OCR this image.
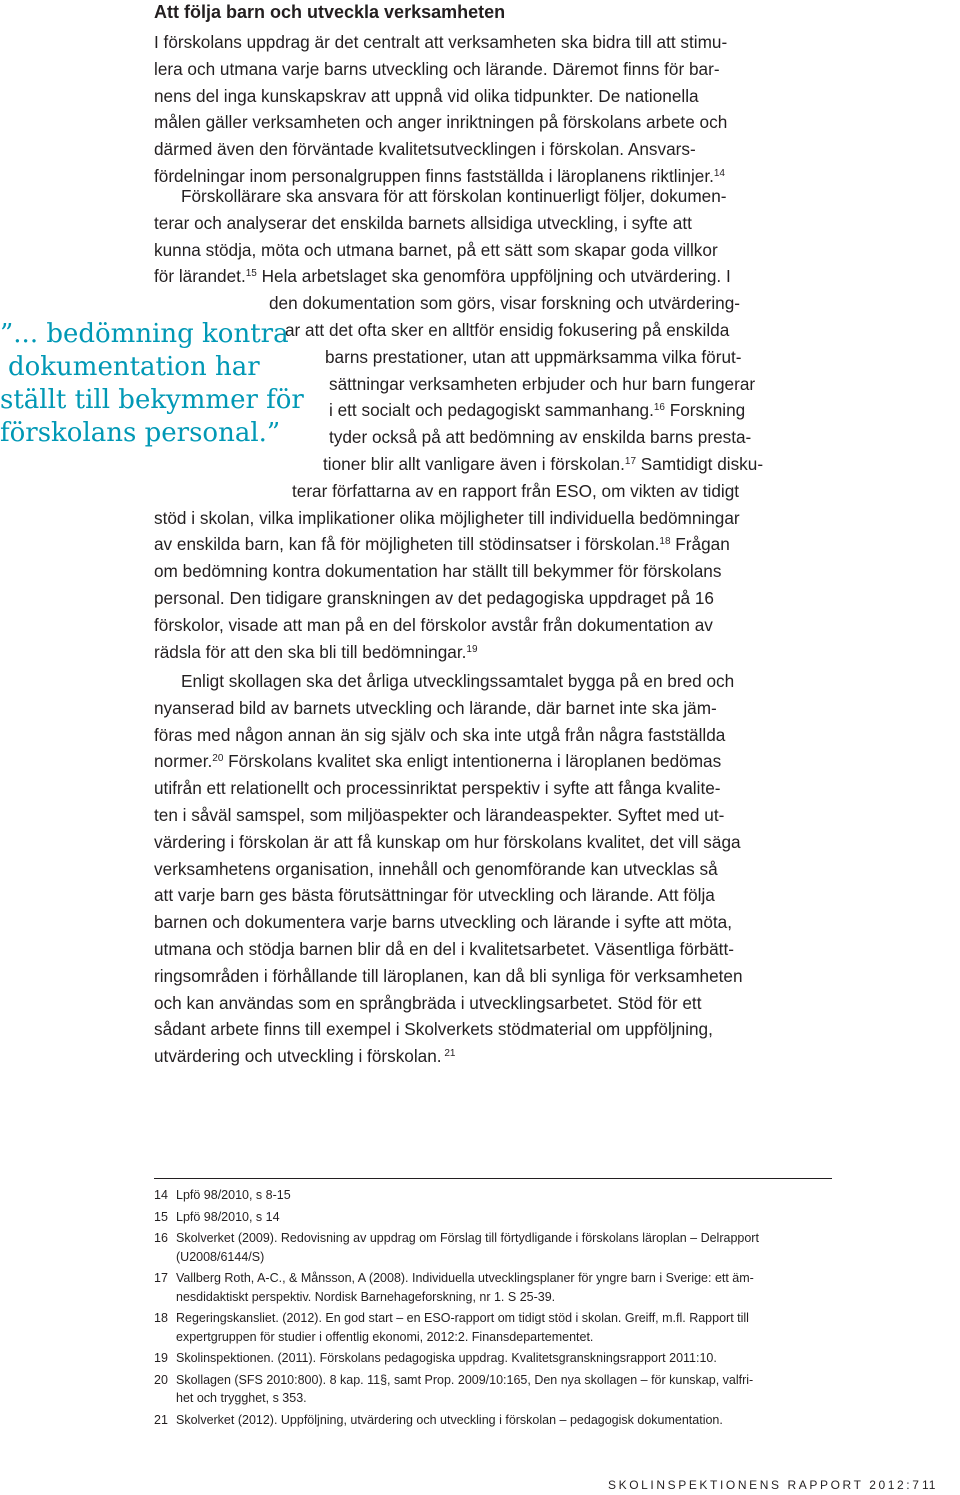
Att följa barn och utveckla verksamheten
I förskolans uppdrag är det centralt att verksamheten ska bidra till att stimu-
lera och utmana varje barns utveckling och lärande. Däremot finns för bar-
nens del inga kunskapskrav att uppnå vid olika tidpunkter. De nationella
målen gäller verksamheten och anger inriktningen på förskolans arbete och
därmed även den förväntade kvalitetsutvecklingen i förskolan. Ansvars-
fördelningar inom personalgruppen finns fastställda i läroplanens riktlinjer.$^{14}$
Förskollärare ska ansvara för att förskolan kontinuerligt följer, dokumen-
terar och analyserar det enskilda barnets allsidiga utveckling, i syfte att
kunna stödja, möta och utmana barnet, på ett sätt som skapar goda villkor
för lärandet.$^{15}$ Hela arbetslaget ska genomföra uppföljning och utvärdering. I
den dokumentation som görs, visar forskning och utvärdering-
ar att det ofta sker en alltför ensidig fokusering på enskilda
barns prestationer, utan att uppmärksamma vilka förut-
sättningar verksamheten erbjuder och hur barn fungerar
i ett socialt och pedagogiskt sammanhang.$^{16}$ Forskning
tyder också på att bedömning av enskilda barns presta-
tioner blir allt vanligare även i förskolan.$^{17}$ Samtidigt disku-
terar författarna av en rapport från ESO, om vikten av tidigt
stöd i skolan, vilka implikationer olika möjligheter till individuella bedömningar
av enskilda barn, kan få för möjligheten till stödinsatser i förskolan.$^{18}$ Frågan
om bedömning kontra dokumentation har ställt till bekymmer för förskolans
personal. Den tidigare granskningen av det pedagogiska uppdraget på 16
förskolor, visade att man på en del förskolor avstår från dokumentation av
rädsla för att den ska bli till bedömningar.$^{19}$
Enligt skollagen ska det årliga utvecklingssamtalet bygga på en bred och
nyanserad bild av barnets utveckling och lärande, där barnet inte ska jäm-
föras med någon annan än sig själv och ska inte utgå från några fastställda
normer.$^{20}$ Förskolans kvalitet ska enligt intentionerna i läroplanen bedömas
utifrån ett relationellt och processinriktat perspektiv i syfte att fånga kvalite-
ten i såväl samspel, som miljöaspekter och lärandeaspekter. Syftet med ut-
värdering i förskolan är att få kunskap om hur förskolans kvalitet, det vill säga
verksamhetens organisation, innehåll och genomförande kan utvecklas så
att varje barn ges bästa förutsättningar för utveckling och lärande. Att följa
barnen och dokumentera varje barns utveckling och lärande i syfte att möta,
utmana och stödja barnen blir då en del i kvalitetsarbetet. Väsentliga förbätt-
ringsområden i förhållande till läroplanen, kan då bli synliga för verksamheten
och kan användas som en språngbräda i utvecklingsarbetet. Stöd för ett
sådant arbete finns till exempel i Skolverkets stödmaterial om uppföljning,
utvärdering och utveckling i förskolan. $^{21}$
”... bedömning kontra
dokumentation har
ställt till bekymmer för
förskolans personal.”
14 Lpfö 98/2010, s 8-15
15 Lpfö 98/2010, s 14
16 Skolverket (2009). Redovisning av uppdrag om Förslag till förtydligande i förskolans läroplan – Delrapport
(U2008/6144/S)
17 Vallberg Roth, A-C., & Månsson, A (2008). Individuella utvecklingsplaner för yngre barn i Sverige: ett äm-
nesdidaktiskt perspektiv. Nordisk Barnehageforskning, nr 1. S 25-39.
18 Regeringskansliet. (2012). En god start – en ESO-rapport om tidigt stöd i skolan. Greiff, m.fl. Rapport till
expertgruppen för studier i offentlig ekonomi, 2012:2. Finansdepartementet.
19 Skolinspektionen. (2011). Förskolans pedagogiska uppdrag. Kvalitetsgranskningsrapport 2011:10.
20 Skollagen (SFS 2010:800). 8 kap. 11§, samt Prop. 2009/10:165, Den nya skollagen – för kunskap, valfri-
het och trygghet, s 353.
21 Skolverket (2012). Uppföljning, utvärdering och utveckling i förskolan – pedagogisk dokumentation.
SKOLINSPEKTIONENS RAPPORT 2012:7 11
